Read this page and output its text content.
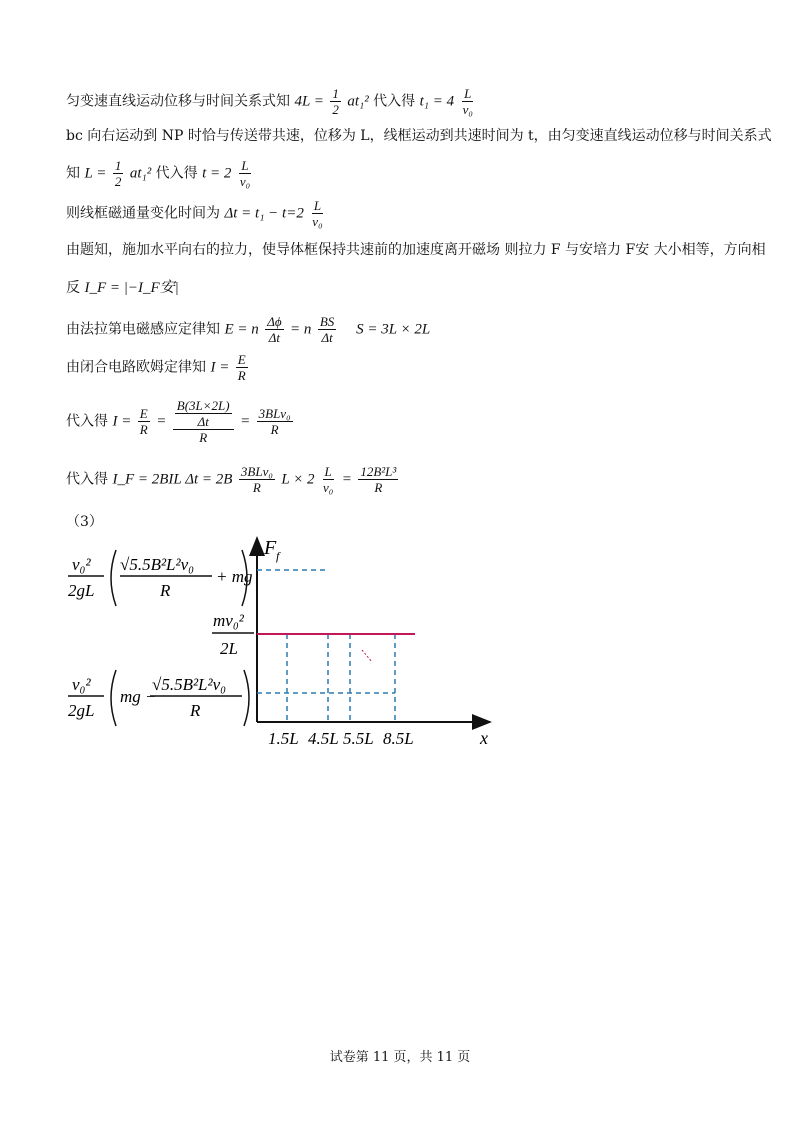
匀变速直线运动位移与时间关系式知 $4L = \frac{1}{2} at_1^2$ 代入得 $t_1 = 4 \frac{L}{\text{v₀}}$
bc 向右运动到 NP 时恰与传送带共速，位移为 L，线框运动到共速时间为 t，由匀变速直线运动位移与时间关系式
知 $L = \frac{1}{2} at_1^2$ 代入得 $t = 2 \frac{L}{\text{v₀}}$
则线框磁通量变化时间为 $\Delta t = t_1 - t=2 \frac{L}{\text{v₀}}$
由题知，施加水平向右的拉力，使导体框保持共速前的加速度离开磁场 则拉力 F 与安培力 F安 大小相等，方向相
反 I_F = |−I_F安|
由法拉第电磁感应定律知 E = n $\frac{\Delta\phi}{\Delta t} = n \frac{BS}{\Delta t}$ S = 3L × 2L
由闭合电路欧姆定律知 $I = \frac{E}{R}$
代入得 $I = \frac{E}{R} = \frac{\frac{B(3L\times 2L)}{\Delta t}}{R} = \frac{\text{3BLv₀}}{R}$
代入得 I_F = 2BIL $\Delta t = 2B \frac{\text{3BLv₀}}{R}$ $L \times 2 \frac{L}{\text{v₀}} = \frac{\text{12B²L³}}{R}$
（3）
F f
x
1.5L 4.5L 5.5L 8.5L
v₀²
2gL
√5.5B²L²v₀
R
+ mg
mv₀²
2L
v₀²
2gL
mg −
√5.5B²L²v₀
R
试卷第 11 页，共 11 页
